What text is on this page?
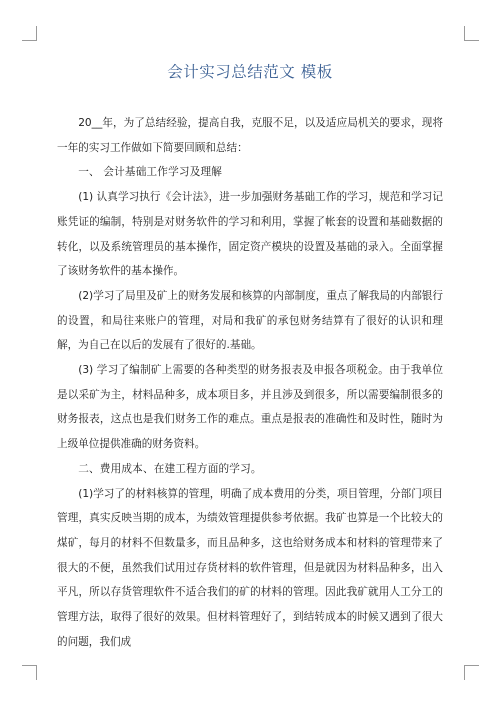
会计实习总结范文 模板

20__年，为了总结经验，提高自我，克服不足，以及适应局机关的要求，现将一年的实习工作做如下简要回顾和总结：

一、 会计基础工作学习及理解

(1) 认真学习执行《会计法》，进一步加强财务基础工作的学习，规范和学习记账凭证的编制，特别是对财务软件的学习和利用，掌握了帐套的设置和基础数据的转化，以及系统管理员的基本操作，固定资产模块的设置及基础的录入。全面掌握了该财务软件的基本操作。

(2)学习了局里及矿上的财务发展和核算的内部制度，重点了解我局的内部银行的设置，和局往来账户的管理，对局和我矿的承包财务结算有了很好的认识和理解，为自己在以后的发展有了很好的.基础。

(3) 学习了编制矿上需要的各种类型的财务报表及申报各项税金。由于我单位是以采矿为主，材料品种多，成本项目多，并且涉及到很多，所以需要编制很多的财务报表，这点也是我们财务工作的难点。重点是报表的准确性和及时性，随时为上级单位提供准确的财务资料。

二、费用成本、在建工程方面的学习。

(1)学习了的材料核算的管理，明确了成本费用的分类，项目管理，分部门项目管理，真实反映当期的成本，为绩效管理提供参考依据。我矿也算是一个比较大的煤矿，每月的材料不但数量多，而且品种多，这也给财务成本和材料的管理带来了很大的不便，虽然我们试用过存货材料的软件管理，但是就因为材料品种多，出入平凡，所以存货管理软件不适合我们的矿的材料的管理。因此我矿就用人工分工的管理方法，取得了很好的效果。但材料管理好了，到结转成本的时候又遇到了很大的问题，我们成
